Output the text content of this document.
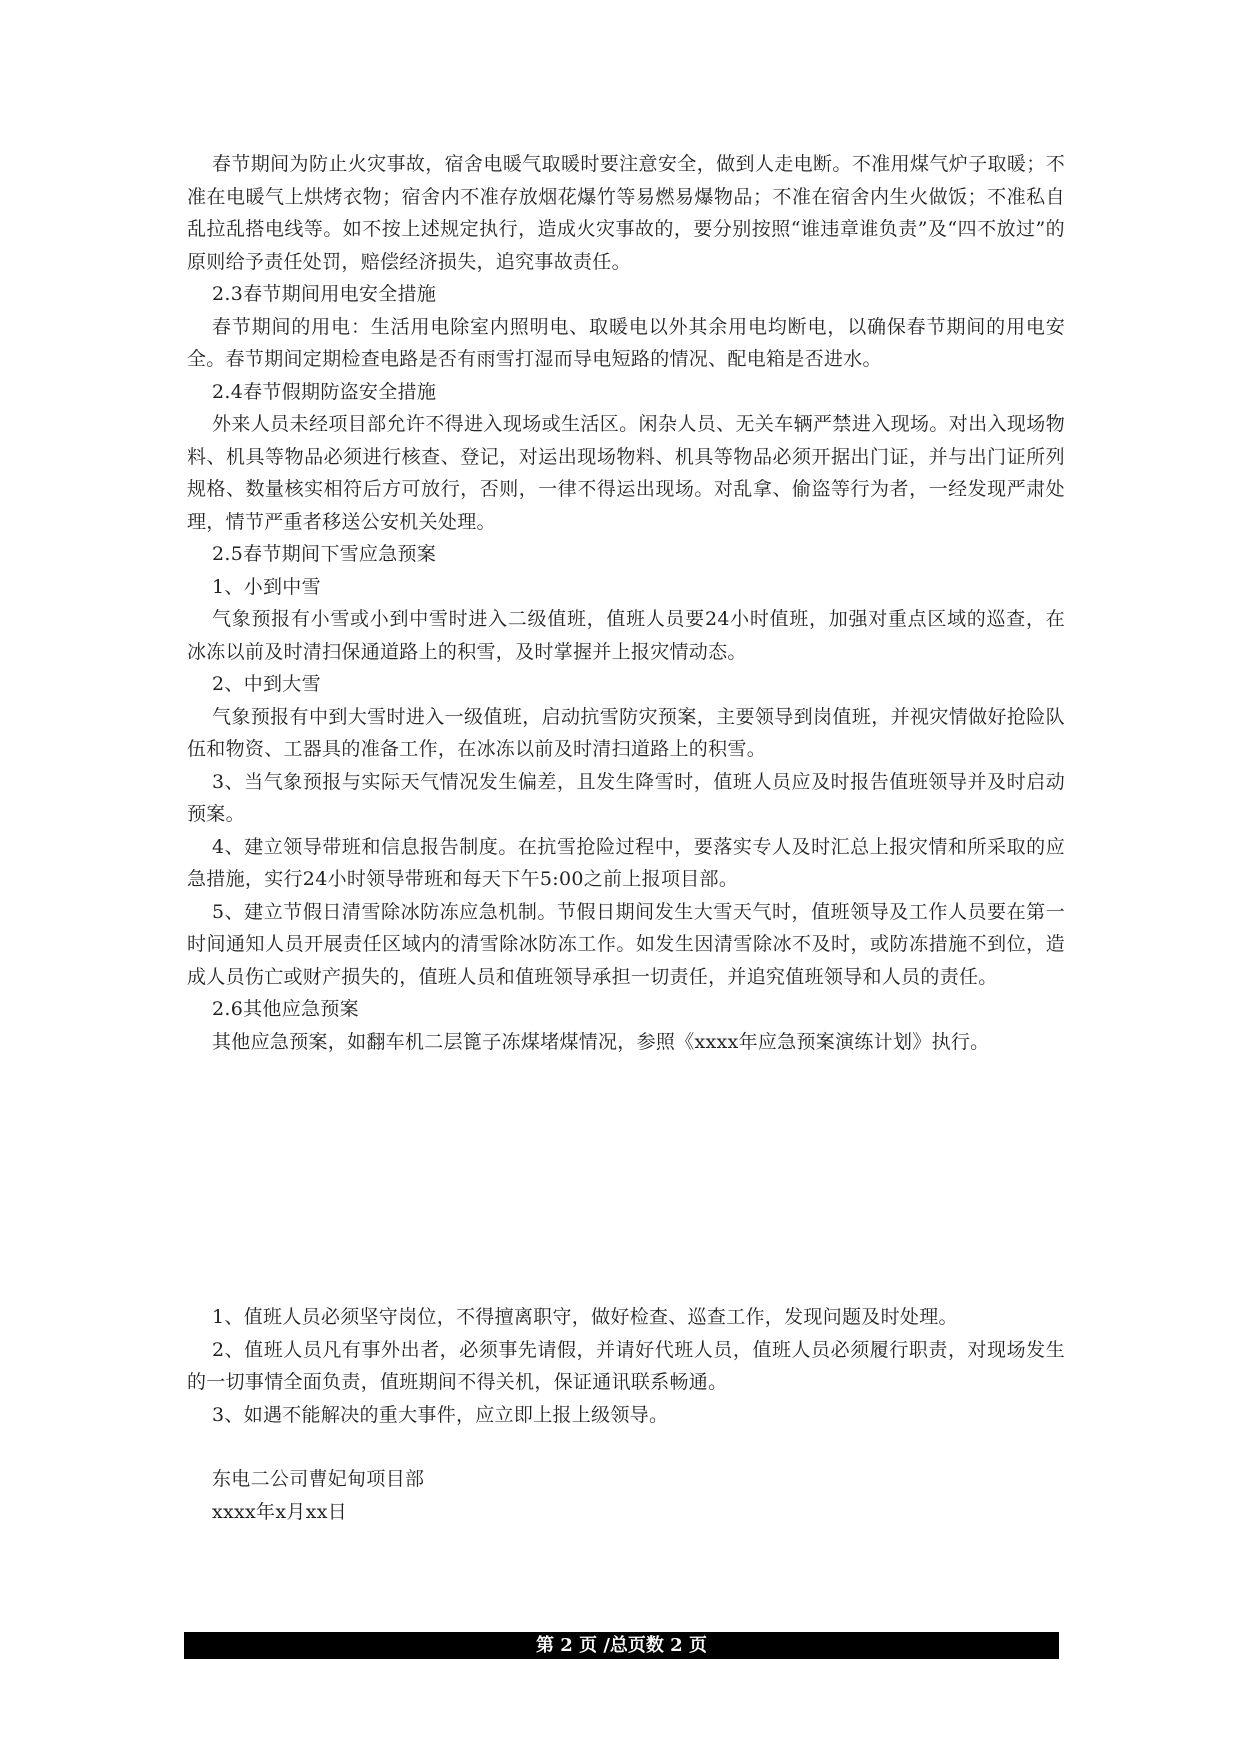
春节期间为防止火灾事故，宿舍电暖气取暖时要注意安全，做到人走电断。不准用煤气炉子取暖；不准在电暖气上烘烤衣物；宿舍内不准存放烟花爆竹等易燃易爆物品；不准在宿舍内生火做饭；不准私自乱拉乱搭电线等。如不按上述规定执行，造成火灾事故的，要分别按照“谁违章谁负责”及“四不放过”的原则给予责任处罚，赔偿经济损失，追究事故责任。

2.3春节期间用电安全措施

春节期间的用电：生活用电除室内照明电、取暖电以外其余用电均断电，以确保春节期间的用电安全。春节期间定期检查电路是否有雨雪打湿而导电短路的情况、配电箱是否进水。

2.4春节假期防盗安全措施

外来人员未经项目部允许不得进入现场或生活区。闲杂人员、无关车辆严禁进入现场。对出入现场物料、机具等物品必须进行核查、登记，对运出现场物料、机具等物品必须开据出门证，并与出门证所列规格、数量核实相符后方可放行，否则，一律不得运出现场。对乱拿、偷盗等行为者，一经发现严肃处理，情节严重者移送公安机关处理。

2.5春节期间下雪应急预案

1、小到中雪

气象预报有小雪或小到中雪时进入二级值班，值班人员要24小时值班，加强对重点区域的巡查，在冰冻以前及时清扫保通道路上的积雪，及时掌握并上报灾情动态。

2、中到大雪

气象预报有中到大雪时进入一级值班，启动抗雪防灾预案，主要领导到岗值班，并视灾情做好抢险队伍和物资、工器具的准备工作，在冰冻以前及时清扫道路上的积雪。

3、当气象预报与实际天气情况发生偏差，且发生降雪时，值班人员应及时报告值班领导并及时启动预案。

4、建立领导带班和信息报告制度。在抗雪抢险过程中，要落实专人及时汇总上报灾情和所采取的应急措施，实行24小时领导带班和每天下午5:00之前上报项目部。

5、建立节假日清雪除冰防冻应急机制。节假日期间发生大雪天气时，值班领导及工作人员要在第一时间通知人员开展责任区域内的清雪除冰防冻工作。如发生因清雪除冰不及时，或防冻措施不到位，造成人员伤亡或财产损失的，值班人员和值班领导承担一切责任，并追究值班领导和人员的责任。

2.6其他应急预案

其他应急预案，如翻车机二层篦子冻煤堵煤情况，参照《xxxx年应急预案演练计划》执行。

1、值班人员必须坚守岗位，不得擅离职守，做好检查、巡查工作，发现问题及时处理。

2、值班人员凡有事外出者，必须事先请假，并请好代班人员，值班人员必须履行职责，对现场发生的一切事情全面负责，值班期间不得关机，保证通讯联系畅通。

3、如遇不能解决的重大事件，应立即上报上级领导。

东电二公司曹妃甸项目部

xxxx年x月xx日

第 2 页 /总页数 2 页
